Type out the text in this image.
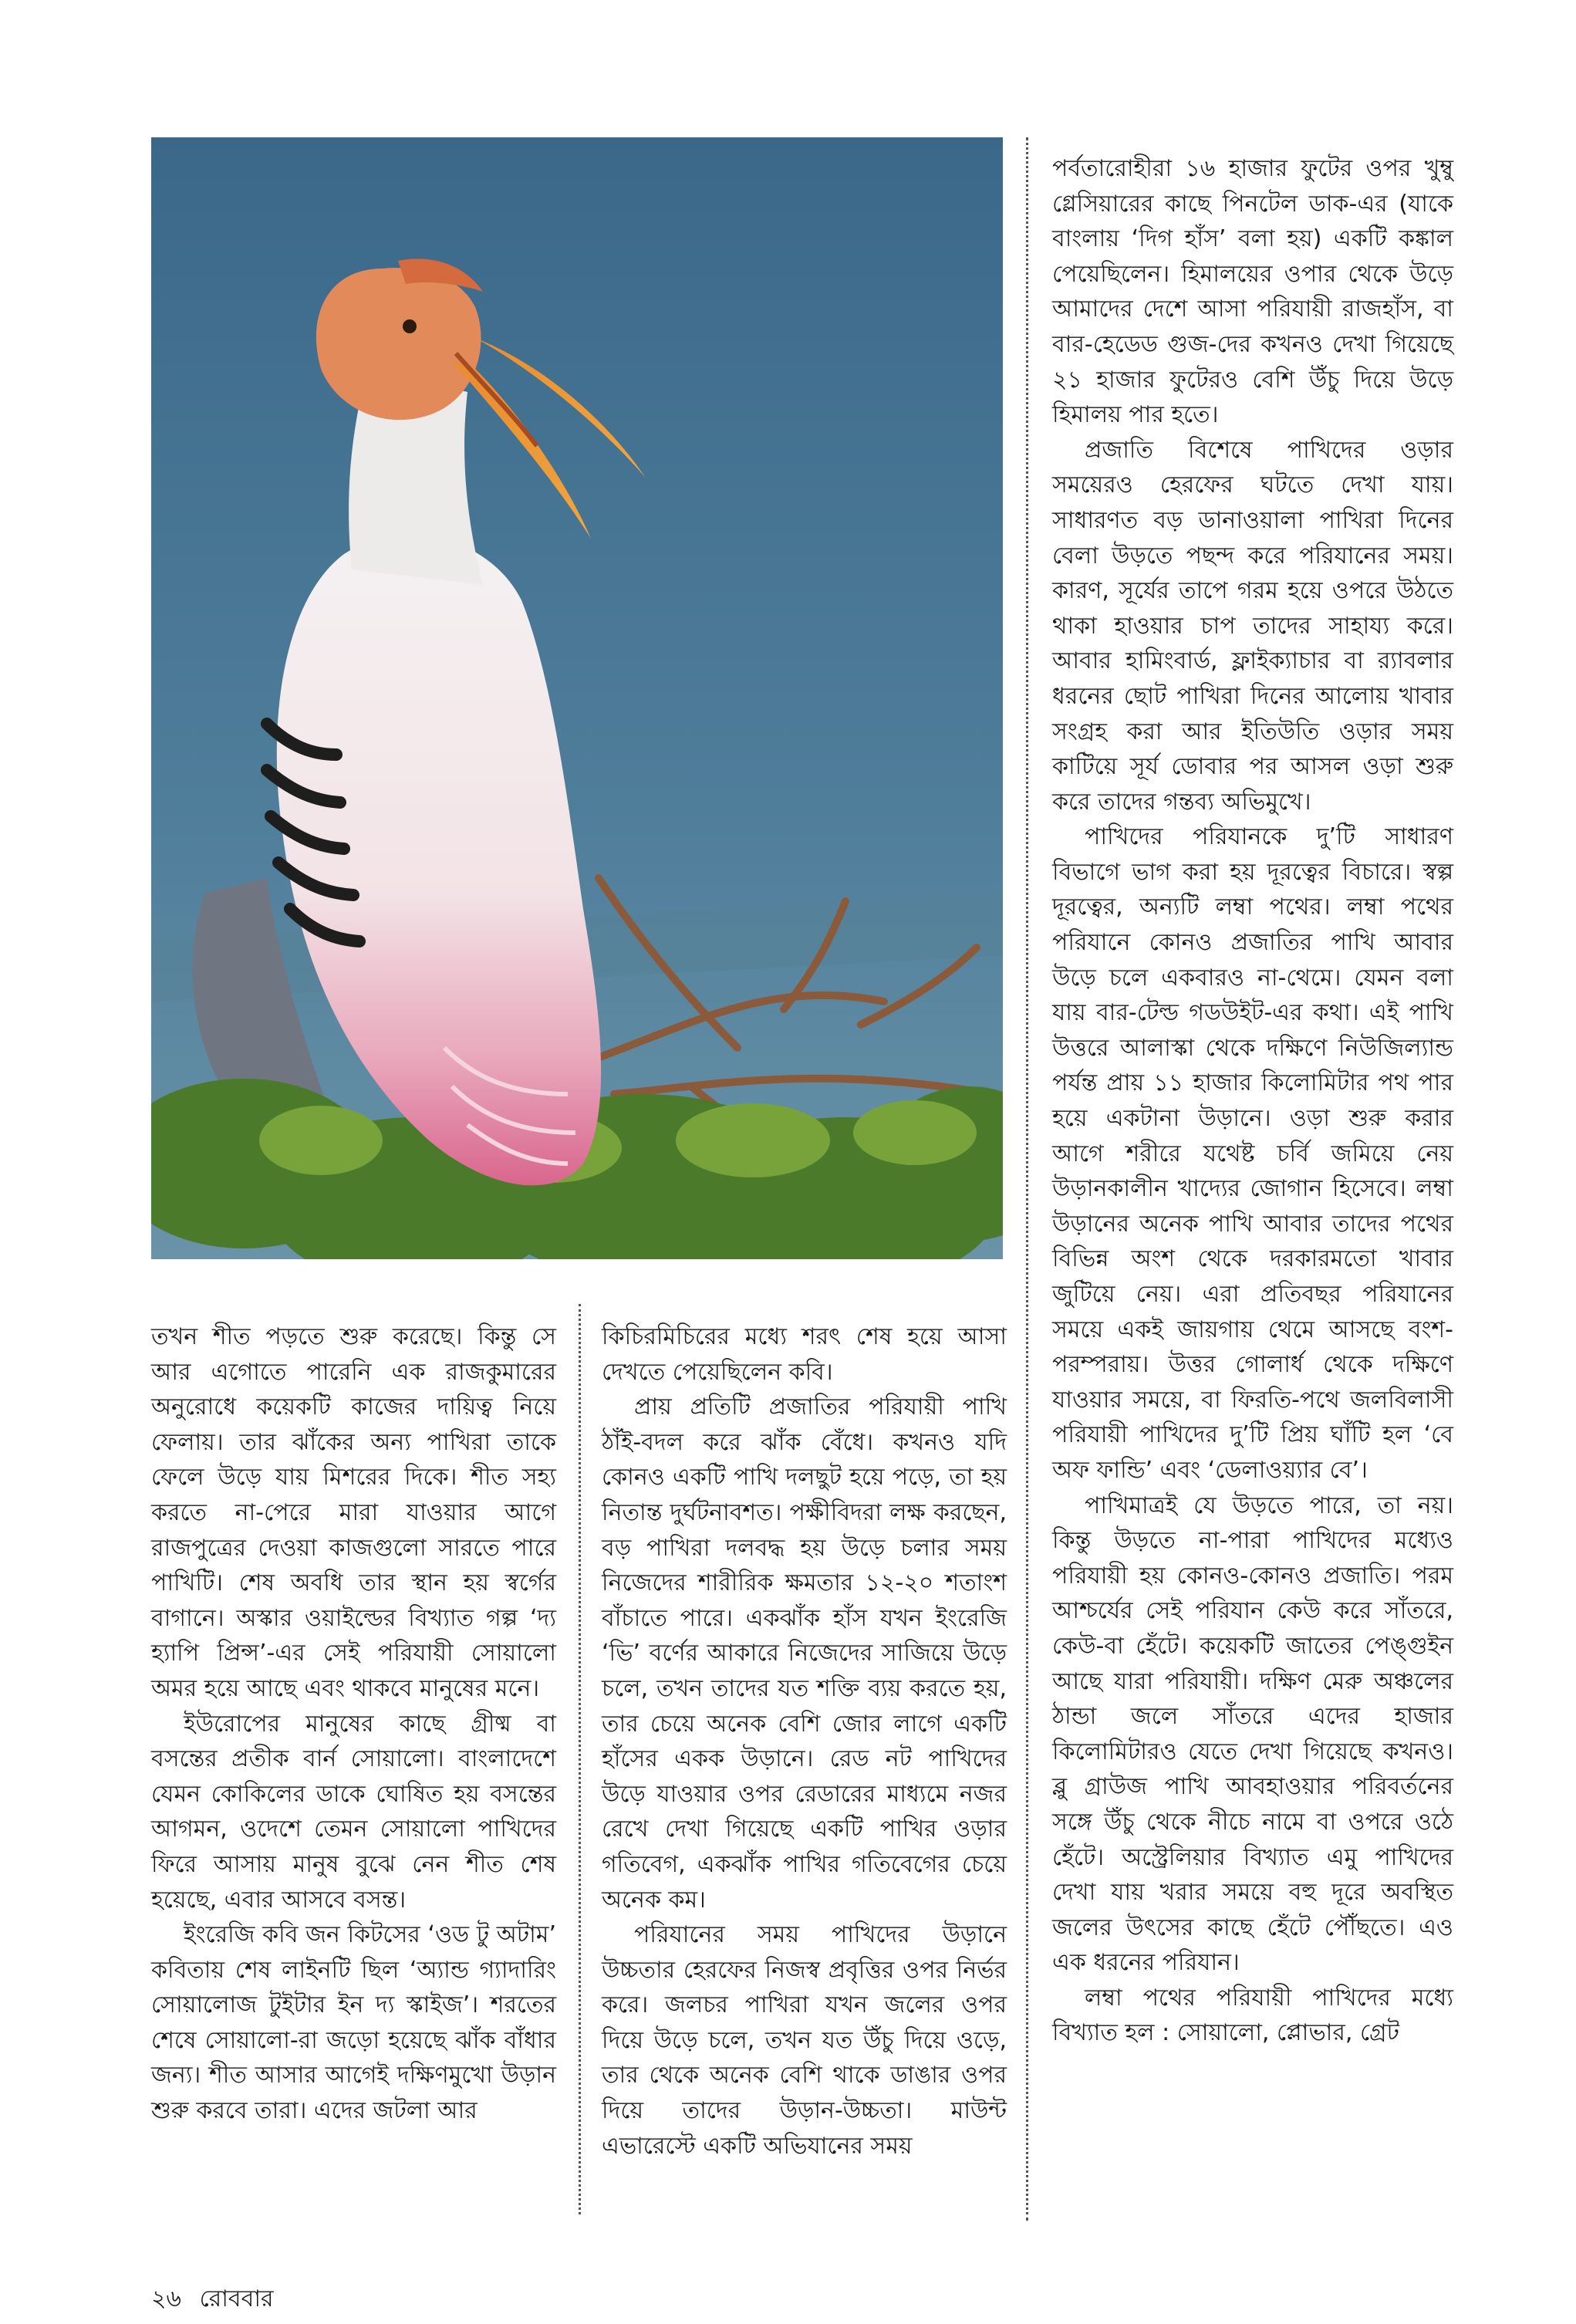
পর্বতারোহীরা ১৬ হাজার ফুটের ওপর খুম্বু গ্লেসিয়ারের কাছে পিনটেল ডাক-এর (যাকে বাংলায় ‘দিগ হাঁস’ বলা হয়) একটি কঙ্কাল পেয়েছিলেন। হিমালয়ের ওপার থেকে উড়ে আমাদের দেশে আসা পরিযায়ী রাজহাঁস, বা বার-হেডেড গুজ-দের কখনও দেখা গিয়েছে ২১ হাজার ফুটেরও বেশি উঁচু দিয়ে উড়ে হিমালয় পার হতে।

প্রজাতি বিশেষে পাখিদের ওড়ার সময়েরও হেরফের ঘটতে দেখা যায়। সাধারণত বড় ডানাওয়ালা পাখিরা দিনের বেলা উড়তে পছন্দ করে পরিযানের সময়। কারণ, সূর্যের তাপে গরম হয়ে ওপরে উঠতে থাকা হাওয়ার চাপ তাদের সাহায্য করে। আবার হামিংবার্ড, ফ্লাইক্যাচার বা র‍্যাবলার ধরনের ছোট পাখিরা দিনের আলোয় খাবার সংগ্রহ করা আর ইতিউতি ওড়ার সময় কাটিয়ে সূর্য ডোবার পর আসল ওড়া শুরু করে তাদের গন্তব্য অভিমুখে।

পাখিদের পরিযানকে দু’টি সাধারণ বিভাগে ভাগ করা হয় দূরত্বের বিচারে। স্বল্প দূরত্বের, অন্যটি লম্বা পথের। লম্বা পথের পরিযানে কোনও প্রজাতির পাখি আবার উড়ে চলে একবারও না-থেমে। যেমন বলা যায় বার-টেল্ড গডউইট-এর কথা। এই পাখি উত্তরে আলাস্কা থেকে দক্ষিণে নিউজিল্যান্ড পর্যন্ত প্রায় ১১ হাজার কিলোমিটার পথ পার হয়ে একটানা উড়ানে। ওড়া শুরু করার আগে শরীরে যথেষ্ট চর্বি জমিয়ে নেয় উড়ানকালীন খাদ্যের জোগান হিসেবে। লম্বা উড়ানের অনেক পাখি আবার তাদের পথের বিভিন্ন অংশ থেকে দরকারমতো খাবার জুটিয়ে নেয়। এরা প্রতিবছর পরিযানের সময়ে একই জায়গায় থেমে আসছে বংশ-পরম্পরায়। উত্তর গোলার্ধ থেকে দক্ষিণে যাওয়ার সময়ে, বা ফিরতি-পথে জলবিলাসী পরিযায়ী পাখিদের দু’টি প্রিয় ঘাঁটি হল ‘বে অফ ফান্ডি’ এবং ‘ডেলাওয়্যার বে’।

পাখিমাত্রই যে উড়তে পারে, তা নয়। কিন্তু উড়তে না-পারা পাখিদের মধ্যেও পরিযায়ী হয় কোনও-কোনও প্রজাতি। পরম আশ্চর্যের সেই পরিযান কেউ করে সাঁতরে, কেউ-বা হেঁটে। কয়েকটি জাতের পেঙ্গুইন আছে যারা পরিযায়ী। দক্ষিণ মেরু অঞ্চলের ঠান্ডা জলে সাঁতরে এদের হাজার কিলোমিটারও যেতে দেখা গিয়েছে কখনও। ব্লু গ্রাউজ পাখি আবহাওয়ার পরিবর্তনের সঙ্গে উঁচু থেকে নীচে নামে বা ওপরে ওঠে হেঁটে। অস্ট্রেলিয়ার বিখ্যাত এমু পাখিদের দেখা যায় খরার সময়ে বহু দূরে অবস্থিত জলের উৎসের কাছে হেঁটে পৌঁছতে। এও এক ধরনের পরিযান।

লম্বা পথের পরিযায়ী পাখিদের মধ্যে বিখ্যাত হল : সোয়ালো, প্লোভার, গ্রেট

তখন শীত পড়তে শুরু করেছে। কিন্তু সে আর এগোতে পারেনি এক রাজকুমারের অনুরোধে কয়েকটি কাজের দায়িত্ব নিয়ে ফেলায়। তার ঝাঁকের অন্য পাখিরা তাকে ফেলে উড়ে যায় মিশরের দিকে। শীত সহ্য করতে না-পেরে মারা যাওয়ার আগে রাজপুত্রের দেওয়া কাজগুলো সারতে পারে পাখিটি। শেষ অবধি তার স্থান হয় স্বর্গের বাগানে। অস্কার ওয়াইল্ডের বিখ্যাত গল্প ‘দ্য হ্যাপি প্রিন্স’-এর সেই পরিযায়ী সোয়ালো অমর হয়ে আছে এবং থাকবে মানুষের মনে।

ইউরোপের মানুষের কাছে গ্রীষ্ম বা বসন্তের প্রতীক বার্ন সোয়ালো। বাংলাদেশে যেমন কোকিলের ডাকে ঘোষিত হয় বসন্তের আগমন, ওদেশে তেমন সোয়ালো পাখিদের ফিরে আসায় মানুষ বুঝে নেন শীত শেষ হয়েছে, এবার আসবে বসন্ত।

ইংরেজি কবি জন কিটসের ‘ওড টু অটাম’ কবিতায় শেষ লাইনটি ছিল ‘অ্যান্ড গ্যাদারিং সোয়ালোজ টুইটার ইন দ্য স্কাইজ’। শরতের শেষে সোয়ালো-রা জড়ো হয়েছে ঝাঁক বাঁধার জন্য। শীত আসার আগেই দক্ষিণমুখো উড়ান শুরু করবে তারা। এদের জটলা আর

কিচিরমিচিরের মধ্যে শরৎ শেষ হয়ে আসা দেখতে পেয়েছিলেন কবি।

প্রায় প্রতিটি প্রজাতির পরিযায়ী পাখি ঠাঁই-বদল করে ঝাঁক বেঁধে। কখনও যদি কোনও একটি পাখি দলছুট হয়ে পড়ে, তা হয় নিতান্ত দুর্ঘটনাবশত। পক্ষীবিদরা লক্ষ করছেন, বড় পাখিরা দলবদ্ধ হয় উড়ে চলার সময় নিজেদের শারীরিক ক্ষমতার ১২-২০ শতাংশ বাঁচাতে পারে। একঝাঁক হাঁস যখন ইংরেজি ‘ভি’ বর্ণের আকারে নিজেদের সাজিয়ে উড়ে চলে, তখন তাদের যত শক্তি ব্যয় করতে হয়, তার চেয়ে অনেক বেশি জোর লাগে একটি হাঁসের একক উড়ানে। রেড নট পাখিদের উড়ে যাওয়ার ওপর রেডারের মাধ্যমে নজর রেখে দেখা গিয়েছে একটি পাখির ওড়ার গতিবেগ, একঝাঁক পাখির গতিবেগের চেয়ে অনেক কম।

পরিযানের সময় পাখিদের উড়ানে উচ্চতার হেরফের নিজস্ব প্রবৃত্তির ওপর নির্ভর করে। জলচর পাখিরা যখন জলের ওপর দিয়ে উড়ে চলে, তখন যত উঁচু দিয়ে ওড়ে, তার থেকে অনেক বেশি থাকে ডাঙার ওপর দিয়ে তাদের উড়ান-উচ্চতা। মাউন্ট এভারেস্টে একটি অভিযানের সময়

২৬ রোববার
